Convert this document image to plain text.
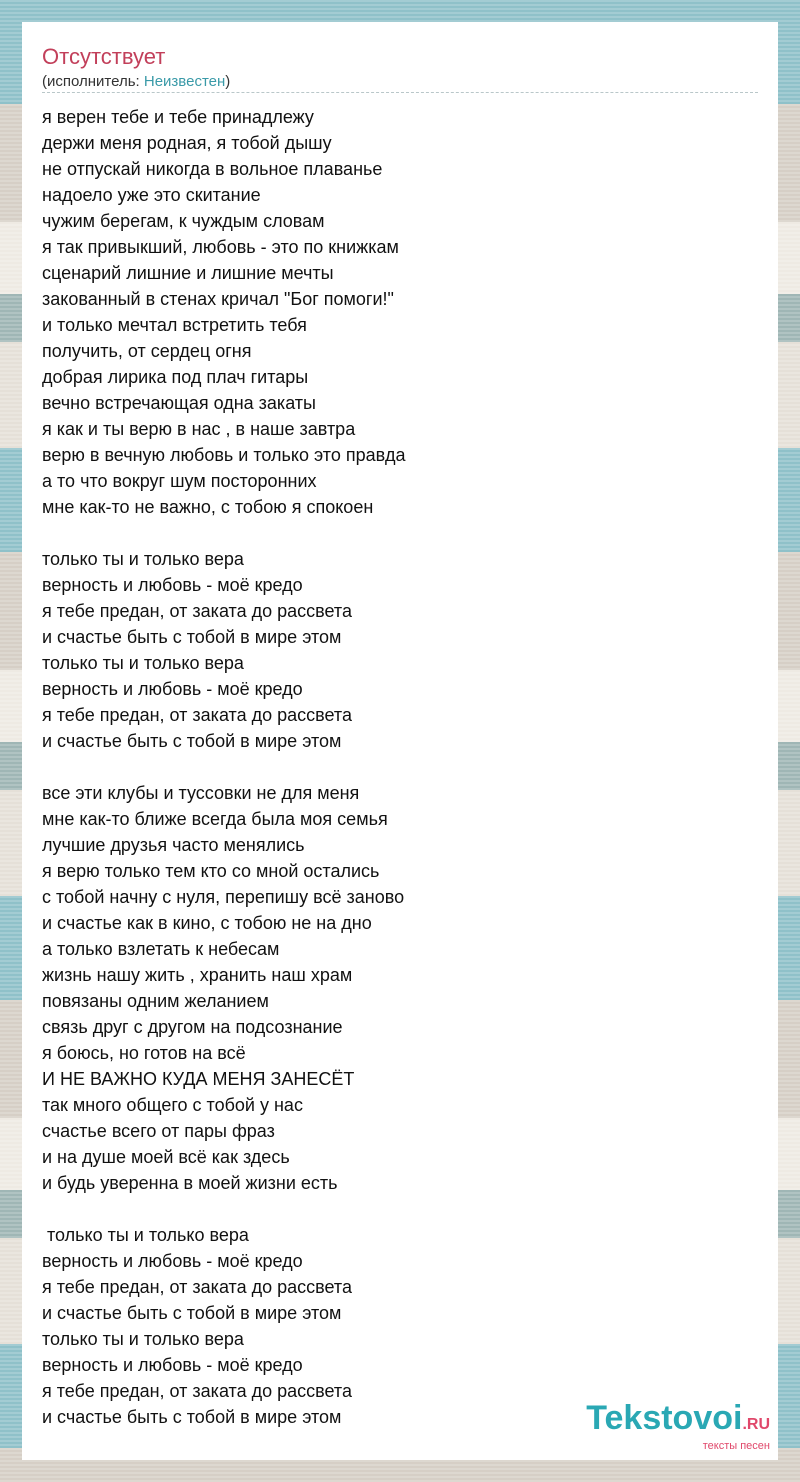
Отсутствует
(исполнитель: Неизвестен)
я верен тебе и тебе принадлежу
держи меня родная, я тобой дышу
не отпускай никогда в вольное плаванье
надоело уже это скитание
чужим берегам, к чуждым словам
я так привыкший, любовь - это по книжкам
сценарий лишние и лишние мечты
закованный в стенах кричал "Бог помоги!"
и только мечтал встретить тебя
получить, от сердец огня
добрая лирика под плач гитары
вечно встречающая одна закаты
я как и ты верю в нас , в наше завтра
верю в вечную любовь и только это правда
а то что вокруг шум посторонних
мне как-то не важно, с тобою я спокоен
только ты и только вера
верность и любовь - моё кредо
я тебе предан, от заката до рассвета
и счастье быть с тобой в мире этом
только ты и только вера
верность и любовь - моё кредо
я тебе предан, от заката до рассвета
и счастье быть с тобой в мире этом
все эти клубы и туссовки не для меня
мне как-то ближе всегда была моя семья
лучшие друзья часто менялись
я верю только тем кто со мной остались
с тобой начну с нуля, перепишу всё заново
и счастье как в кино, с тобою не на дно
а только взлетать к небесам
жизнь нашу жить , хранить наш храм
повязаны одним желанием
связь друг с другом на подсознание
я боюсь, но готов на всё
И НЕ ВАЖНО КУДА МЕНЯ ЗАНЕСЁТ
так много общего с тобой у нас
счастье всего от пары фраз
и на душе моей всё как здесь
и будь уверенна в моей жизни есть
только ты и только вера
верность и любовь - моё кредо
я тебе предан, от заката до рассвета
и счастье быть с тобой в мире этом
только ты и только вера
верность и любовь - моё кредо
я тебе предан, от заката до рассвета
и счастье быть с тобой в мире этом	Tekstovoi.RU
тексты песен
